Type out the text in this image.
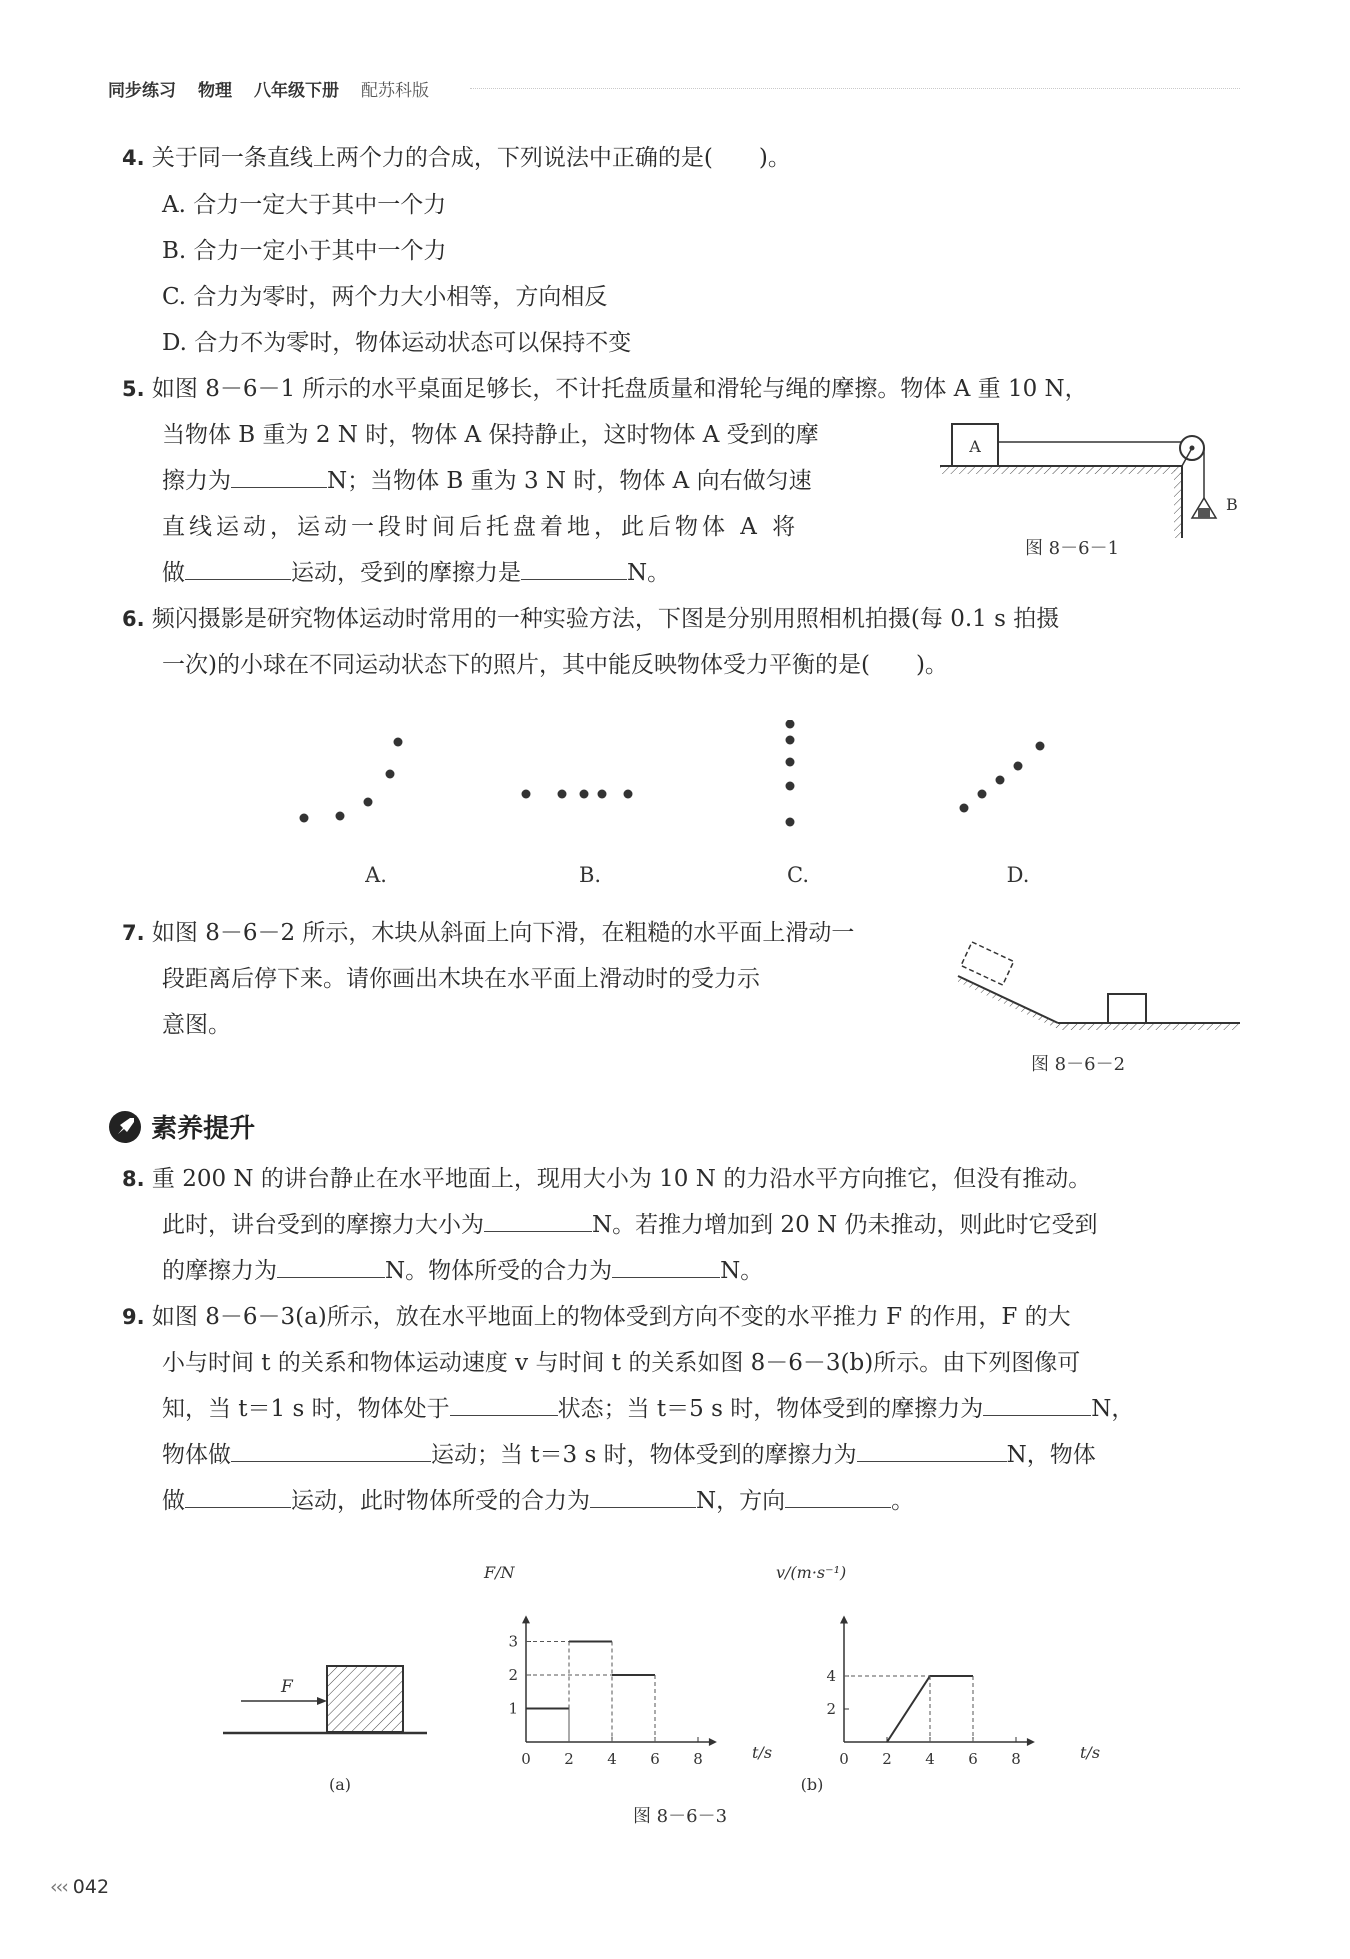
同步练习 物理 八年级下册 配苏科版
4. 关于同一条直线上两个力的合成，下列说法中正确的是(　　)。
A. 合力一定大于其中一个力
B. 合力一定小于其中一个力
C. 合力为零时，两个力大小相等，方向相反
D. 合力不为零时，物体运动状态可以保持不变
5. 如图 8－6－1 所示的水平桌面足够长，不计托盘质量和滑轮与绳的摩擦。物体 A 重 10 N，
当物体 B 重为 2 N 时，物体 A 保持静止，这时物体 A 受到的摩
擦力为	N；当物体 B 重为 3 N 时，物体 A 向右做匀速
直线运动，运动一段时间后托盘着地，此后物体 A 将
做	运动，受到的摩擦力是	N。
A
B
图 8－6－1
6. 频闪摄影是研究物体运动时常用的一种实验方法，下图是分别用照相机拍摄(每 0.1 s 拍摄
一次)的小球在不同运动状态下的照片，其中能反映物体受力平衡的是(　　)。
A.	B.	C.	D.
7. 如图 8－6－2 所示，木块从斜面上向下滑，在粗糙的水平面上滑动一
段距离后停下来。请你画出木块在水平面上滑动时的受力示
意图。
图 8－6－2
素养提升
8. 重 200 N 的讲台静止在水平地面上，现用大小为 10 N 的力沿水平方向推它，但没有推动。
此时，讲台受到的摩擦力大小为	N。若推力增加到 20 N 仍未推动，则此时它受到
的摩擦力为	N。物体所受的合力为	N。
9. 如图 8－6－3(a)所示，放在水平地面上的物体受到方向不变的水平推力 F 的作用，F 的大
小与时间 t 的关系和物体运动速度 v 与时间 t 的关系如图 8－6－3(b)所示。由下列图像可
知，当 t＝1 s 时，物体处于	状态；当 t＝5 s 时，物体受到的摩擦力为	N，
物体做	运动；当 t＝3 s 时，物体受到的摩擦力为	N，物体
做	运动，此时物体所受的合力为	N，方向	。
F
(a)
F/N
t/s
v/(m·s⁻¹)
t/s
(b)
图 8－6－3
0 2 4 6 8
1
2
3
0 2 4 6 8
2
4
‹‹‹ 042
